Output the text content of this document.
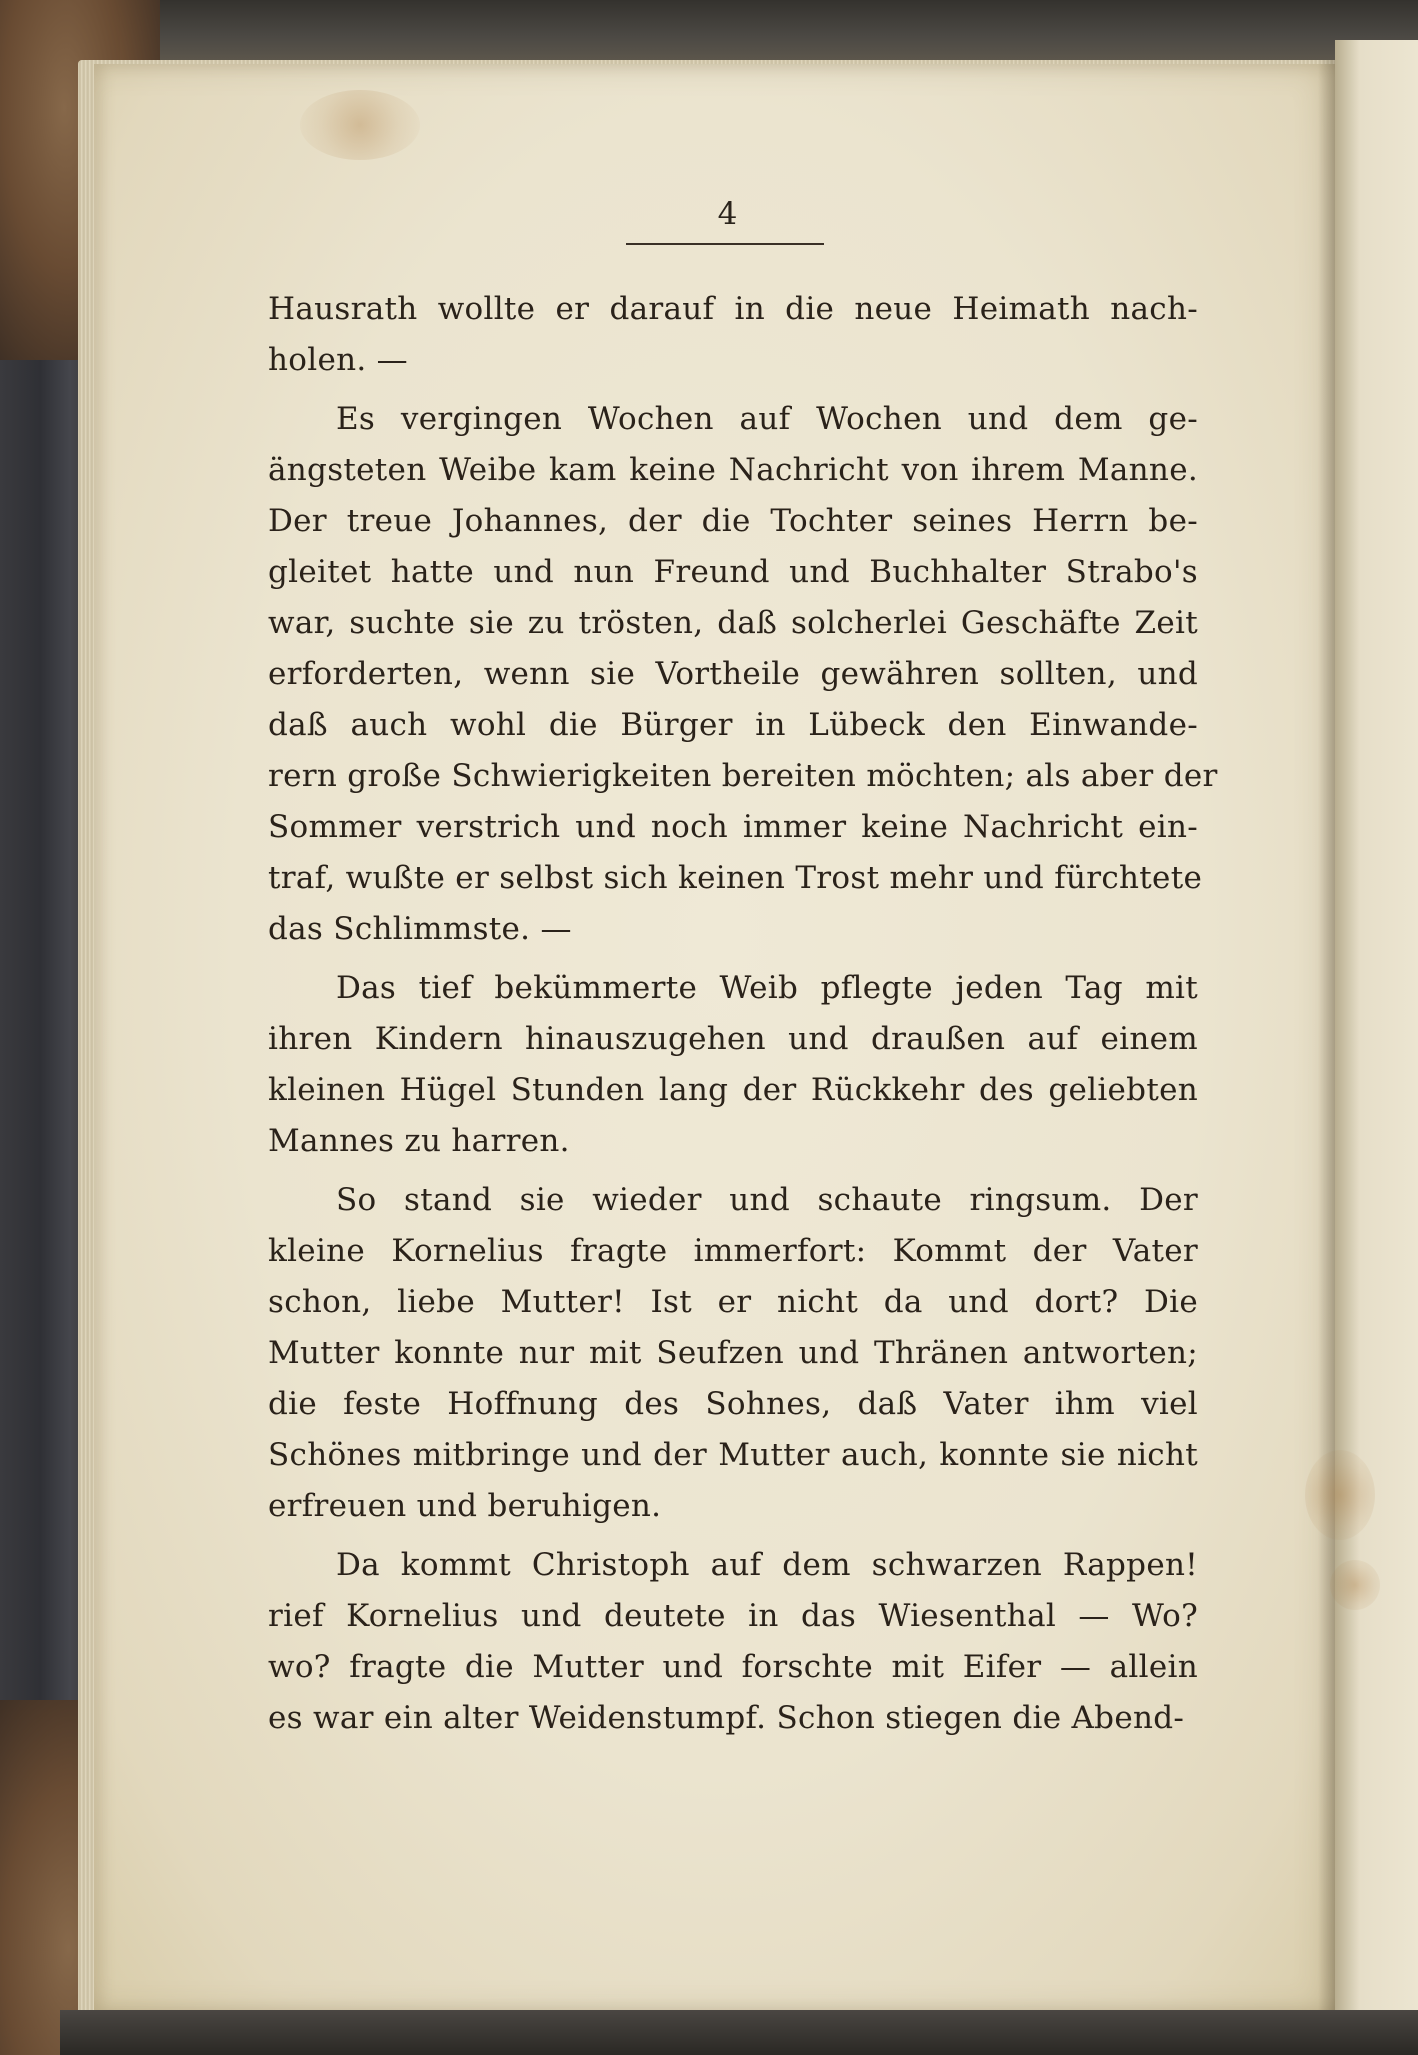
4
Hausrath wollte er darauf in die neue Heimath nach-
holen. —
Es vergingen Wochen auf Wochen und dem ge-
ängsteten Weibe kam keine Nachricht von ihrem Manne.
Der treue Johannes, der die Tochter seines Herrn be-
gleitet hatte und nun Freund und Buchhalter Strabo's
war, suchte sie zu trösten, daß solcherlei Geschäfte Zeit
erforderten, wenn sie Vortheile gewähren sollten, und
daß auch wohl die Bürger in Lübeck den Einwande-
rern große Schwierigkeiten bereiten möchten; als aber der
Sommer verstrich und noch immer keine Nachricht ein-
traf, wußte er selbst sich keinen Trost mehr und fürchtete
das Schlimmste. —
Das tief bekümmerte Weib pflegte jeden Tag mit
ihren Kindern hinauszugehen und draußen auf einem
kleinen Hügel Stunden lang der Rückkehr des geliebten
Mannes zu harren.
So stand sie wieder und schaute ringsum. Der
kleine Kornelius fragte immerfort: Kommt der Vater
schon, liebe Mutter! Ist er nicht da und dort? Die
Mutter konnte nur mit Seufzen und Thränen antworten;
die feste Hoffnung des Sohnes, daß Vater ihm viel
Schönes mitbringe und der Mutter auch, konnte sie nicht
erfreuen und beruhigen.
Da kommt Christoph auf dem schwarzen Rappen!
rief Kornelius und deutete in das Wiesenthal — Wo?
wo? fragte die Mutter und forschte mit Eifer — allein
es war ein alter Weidenstumpf. Schon stiegen die Abend-
